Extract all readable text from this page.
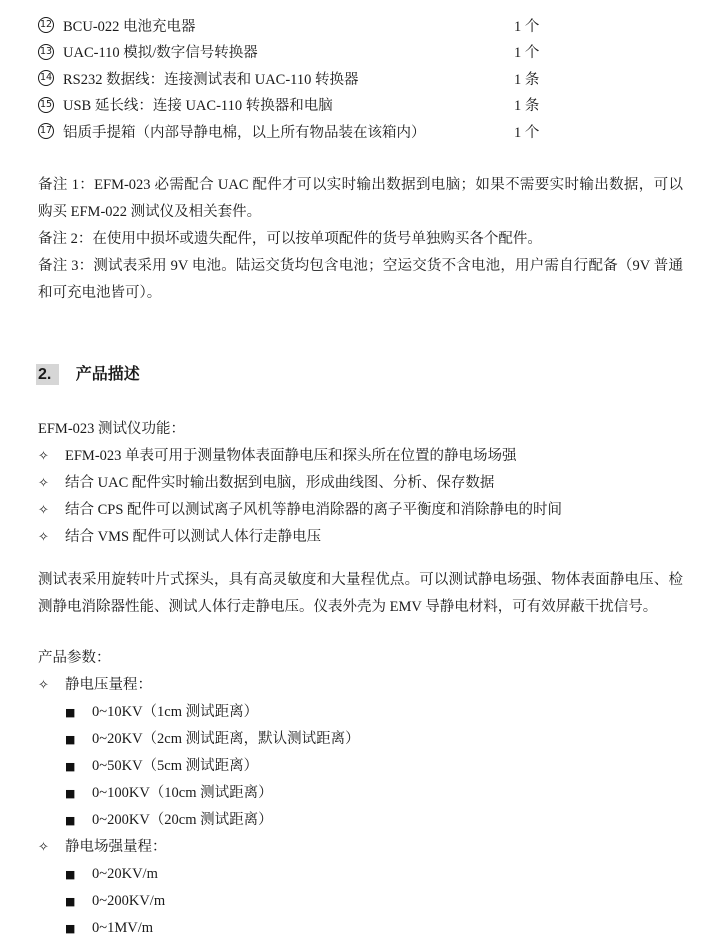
12 BCU-022 电池充电器	1 个
13 UAC-110 模拟/数字信号转换器	1 个
14 RS232 数据线：连接测试表和 UAC-110 转换器	1 条
15 USB 延长线：连接 UAC-110 转换器和电脑	1 条
17 铝质手提箱（内部导静电棉，以上所有物品装在该箱内）	1 个

备注 1：EFM-023 必需配合 UAC 配件才可以实时输出数据到电脑；如果不需要实时输出数据，可以购买 EFM-022 测试仪及相关套件。

备注 2：在使用中损坏或遗失配件，可以按单项配件的货号单独购买各个配件。

备注 3：测试表采用 9V 电池。陆运交货均包含电池；空运交货不含电池，用户需自行配备（9V 普通和可充电池皆可）。

2. 产品描述
EFM-023 测试仪功能：
✧	EFM-023 单表可用于测量物体表面静电压和探头所在位置的静电场场强
✧	结合 UAC 配件实时输出数据到电脑，形成曲线图、分析、保存数据
✧	结合 CPS 配件可以测试离子风机等静电消除器的离子平衡度和消除静电的时间
✧	结合 VMS 配件可以测试人体行走静电压

测试表采用旋转叶片式探头，具有高灵敏度和大量程优点。可以测试静电场强、物体表面静电压、检测静电消除器性能、测试人体行走静电压。仪表外壳为 EMV 导静电材料，可有效屏蔽干扰信号。

产品参数：
✧	静电压量程：
■	0~10KV（1cm 测试距离）
■	0~20KV（2cm 测试距离，默认测试距离）
■	0~50KV（5cm 测试距离）
■	0~100KV（10cm 测试距离）
■	0~200KV（20cm 测试距离）
✧	静电场强量程：
■	0~20KV/m
■	0~200KV/m
■	0~1MV/m
